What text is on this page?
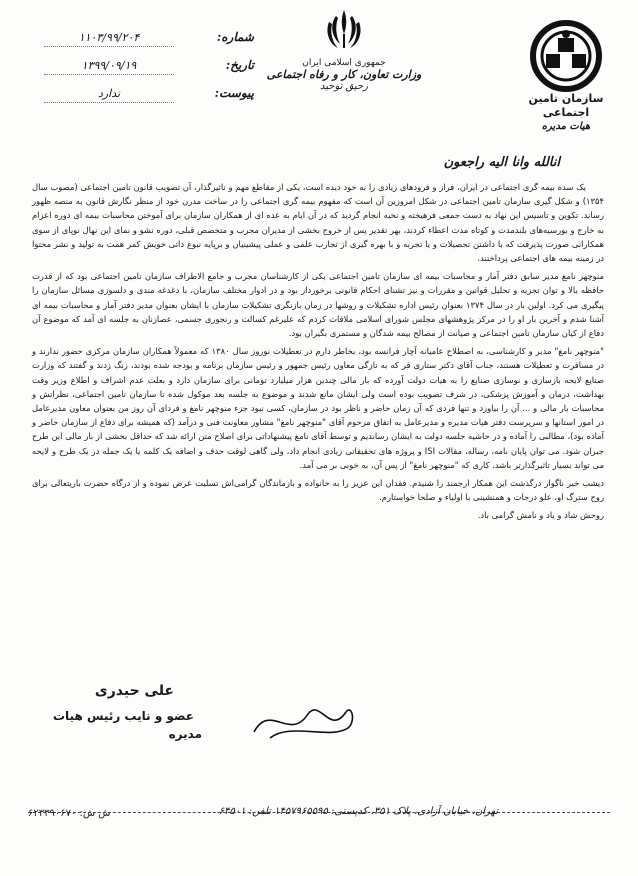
سازمان تامین اجتماعی
هیات مدیره
جمهوری اسلامی ایران
وزارت تعاون، کار و رفاه اجتماعی
رحیق توحید
شماره:
۱۱۰۳/۹۹/۲۰۴
تاریخ:
۱۳۹۹/۰۹/۱۹
پیوست:
ندارد
انالله وانا الیه راجعون

یک سده بیمه گری اجتماعی در ایران، فراز و فرودهای زیادی را به خود دیده است، یکی از مقاطع مهم و تاثیرگذار، آن تصویب قانون تامین اجتماعی (مصوب سال ۱۳۵۴) و شکل گیری سازمان تامین اجتماعی در شکل امروزین آن است که مفهوم بیمه گری اجتماعی را در ساخت مدرن خود از منظر نگارش قانون به منصه ظهور رساند. تکوین و تاسیس این نهاد به دست جمعی فرهیخته و نخبه انجام گردید که در آن ایام به عده ای از همکاران سازمان برای آموختن محاسبات بیمه ای دوره اعزام به خارج و بورسیه‌های بلندمدت و کوتاه مدت اعطاء کردند، بهر تقدیر پس از خروج بخشی از مدیران مجرب و متخصص قبلی، دوره نشو و نمای این نهال نوپای از سوی همکارانی صورت پذیرفت که با داشتن تحصیلات و یا تجربه و با بهره گیری از تجارب علمی و عملی پیشینیان و برپایه نبوغ ذاتی خویش کمر همت به تولید و نشر محتوا در زمینه بیمه های اجتماعی پرداختند.

منوچهر نامغ مدیر سابق دفتر آمار و محاسبات بیمه ای سازمان تامین اجتماعی یکی از کارشناسان مجرب و جامع الاطراف سازمان تامین اجتماعی بود که از قدرت حافظه بالا و توان تجزیه و تحلیل قوانین و مقررات و نیز تشنای احکام قانونی برخوردار بود و در ادوار مختلف سازمان، با دغدغه مندی و دلسوزی مسائل سازمان را پیگیری می کرد. اولین بار در سال ۱۳۷۴ بعنوان رئیس اداره تشکیلات و روشها در زمان بازنگری تشکیلات سازمان با ایشان بعنوان مدیر دفتر آمار و محاسبات بیمه ای آشنا شدم و آخرین بار او را در مرکز پژوهشهای مجلس شورای اسلامی ملاقات کردم که علیرغم کسالت و رنجوری جسمی، عصازنان به جلسه ای آمد که موضوع آن دفاع از کیان سازمان تامین اجتماعی و صیانت از مصالح بیمه شدگان و مستمری بگیران بود.

"منوچهر نامغ" مدیر و کارشناسی، به اصطلاح عامیانه آچار فرانسه بود، بخاطر دارم در تعطیلات نوروز سال ۱۳۸۰ که معمولاً همکاران سازمان مرکزی حضور ندارند و در مسافرت و تعطیلات هستند، جناب آقای دکتر ستاری فر که به تازگی معاون رئیس جمهور و رئیس سازمان برنامه و بودجه شده بودند، زنگ زدند و گفتند که وزارت صنایع لایحه بازسازی و نوسازی صنایع را به هیات دولت آورده که بار مالی چندین هزار میلیارد تومانی برای سازمان دارد و بعلت عدم اشراف و اطلاع وزیر وقت بهداشت، درمان و آموزش پزشکی، در شرف تصویب بوده است ولی ایشان مانع شدند و موضوع به جلسه بعد موکول شده تا سازمان تامین اجتماعی، نظراتش و محاسبات بار مالی و ... آن را بیاورد و تنها فردی که آن زمان حاضر و ناظر بود در سازمان، کسی نبود جزء منوچهر نامغ و فردای آن روز من بعنوان معاون مدیرعامل در امور استانها و سرپرست دفتر هیات مدیره و مدیرعامل به اتفاق مرحوم آقای "منوچهر نامغ" مشاور معاونت فنی و درآمد (که همیشه برای دفاع از سازمان حاضر و آماده بود)، مطالبی را آماده و در حاشیه جلسه دولت به ایشان رساندیم و توسط آقای نامغ پیشنهاداتی برای اصلاح متن ارائه شد که حداقل بخشی از بار مالی این طرح جبران شود. می توان پایان نامه، رساله، مقالات ISI و پروژه های تحقیقاتی زیادی انجام داد، ولی گاهی لوقت حذف و اضافه یک کلمه یا یک جمله در یک طرح و لایحه می تواند بسیار تاثیرگذارتر باشد. کاری که "منوچهر نامغ" از پس آن، به خوبی بر می آمد.

دیشب خبر ناگوار درگذشت این همکار ارجمند را شنیدم. فقدان این عزیز را به خانواده و بازماندگان گرامی‌اش تسلیت عرض نموده و از درگاه حضرت باریتعالی برای روح سترگ او، علو درجات و همنشینی با اولیاء و صلحا خواستارم.

روحش شاد و یاد و نامش گرامی باد.

علی حیدری
عضو و نایب رئیس هیات
مدیره
تهران، خیابان آزادی، پلاک ۳۵۱، کدپستی: ۱۴۵۷۹۶۵۵۹۵ تلفن: ۶۴۵۰۱
ش ش: ۶۲۳۳۹۰۶۷۰
